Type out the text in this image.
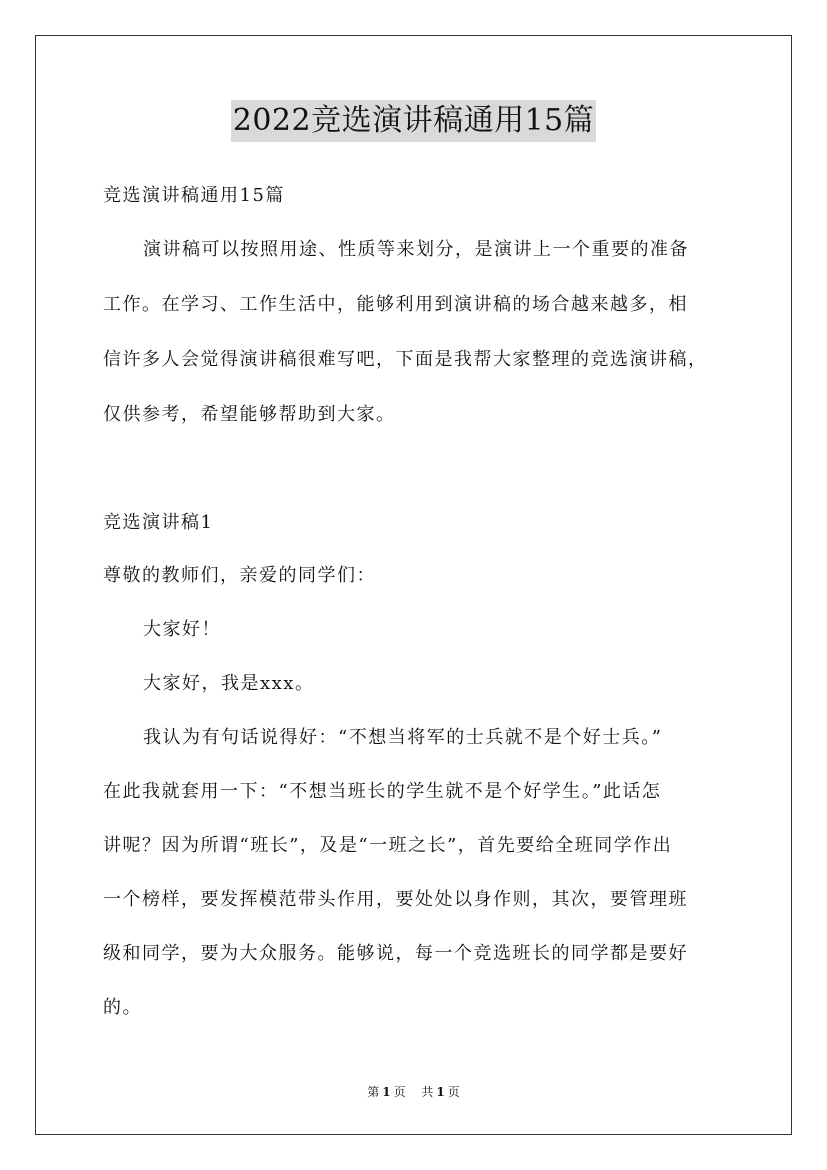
2022竞选演讲稿通用15篇
竞选演讲稿通用15篇
演讲稿可以按照用途、性质等来划分，是演讲上一个重要的准备
工作。在学习、工作生活中，能够利用到演讲稿的场合越来越多，相
信许多人会觉得演讲稿很难写吧，下面是我帮大家整理的竞选演讲稿，
仅供参考，希望能够帮助到大家。
竞选演讲稿1
尊敬的教师们，亲爱的同学们：
大家好！
大家好，我是xxx。
我认为有句话说得好：“不想当将军的士兵就不是个好士兵。”
在此我就套用一下：“不想当班长的学生就不是个好学生。”此话怎
讲呢？因为所谓“班长”，及是“一班之长”，首先要给全班同学作出
一个榜样，要发挥模范带头作用，要处处以身作则，其次，要管理班
级和同学，要为大众服务。能够说，每一个竞选班长的同学都是要好
的。
第 1 页 共 1 页
